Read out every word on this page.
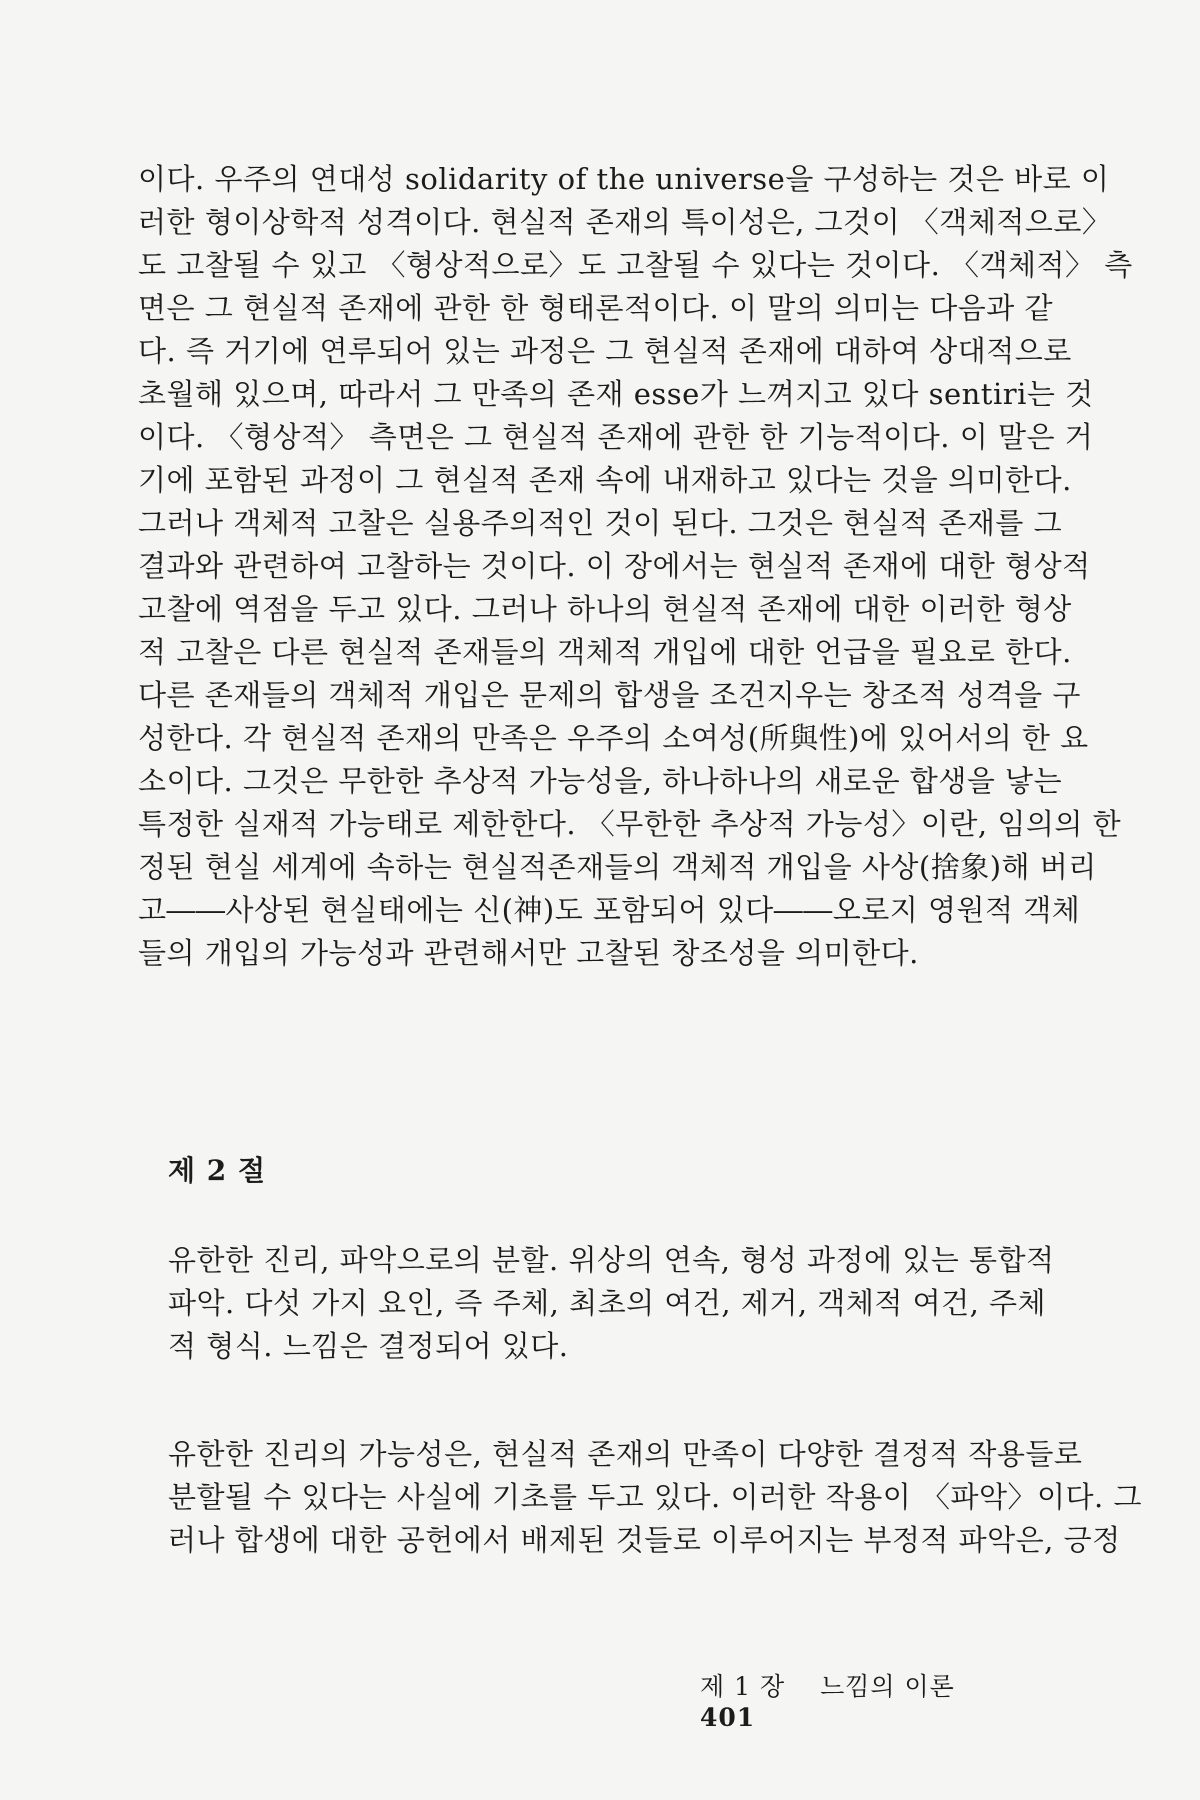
이다. 우주의 연대성 solidarity of the universe을 구성하는 것은 바로 이
러한 형이상학적 성격이다. 현실적 존재의 특이성은, 그것이 〈객체적으로〉
도 고찰될 수 있고 〈형상적으로〉도 고찰될 수 있다는 것이다. 〈객체적〉 측
면은 그 현실적 존재에 관한 한 형태론적이다. 이 말의 의미는 다음과 같
다. 즉 거기에 연루되어 있는 과정은 그 현실적 존재에 대하여 상대적으로
초월해 있으며, 따라서 그 만족의 존재 esse가 느껴지고 있다 sentiri는 것
이다. 〈형상적〉 측면은 그 현실적 존재에 관한 한 기능적이다. 이 말은 거
기에 포함된 과정이 그 현실적 존재 속에 내재하고 있다는 것을 의미한다.
그러나 객체적 고찰은 실용주의적인 것이 된다. 그것은 현실적 존재를 그
결과와 관련하여 고찰하는 것이다. 이 장에서는 현실적 존재에 대한 형상적
고찰에 역점을 두고 있다. 그러나 하나의 현실적 존재에 대한 이러한 형상
적 고찰은 다른 현실적 존재들의 객체적 개입에 대한 언급을 필요로 한다.
다른 존재들의 객체적 개입은 문제의 합생을 조건지우는 창조적 성격을 구
성한다. 각 현실적 존재의 만족은 우주의 소여성(所與性)에 있어서의 한 요
소이다. 그것은 무한한 추상적 가능성을, 하나하나의 새로운 합생을 낳는
특정한 실재적 가능태로 제한한다. 〈무한한 추상적 가능성〉이란, 임의의 한
정된 현실 세계에 속하는 현실적존재들의 객체적 개입을 사상(捨象)해 버리
고――사상된 현실태에는 신(神)도 포함되어 있다――오로지 영원적 객체
들의 개입의 가능성과 관련해서만 고찰된 창조성을 의미한다.
제 2 절
유한한 진리, 파악으로의 분할. 위상의 연속, 형성 과정에 있는 통합적
파악. 다섯 가지 요인, 즉 주체, 최초의 여건, 제거, 객체적 여건, 주체
적 형식. 느낌은 결정되어 있다.
유한한 진리의 가능성은, 현실적 존재의 만족이 다양한 결정적 작용들로
분할될 수 있다는 사실에 기초를 두고 있다. 이러한 작용이 〈파악〉이다. 그
러나 합생에 대한 공헌에서 배제된 것들로 이루어지는 부정적 파악은, 긍정
제 1 장 느낌의 이론 401
